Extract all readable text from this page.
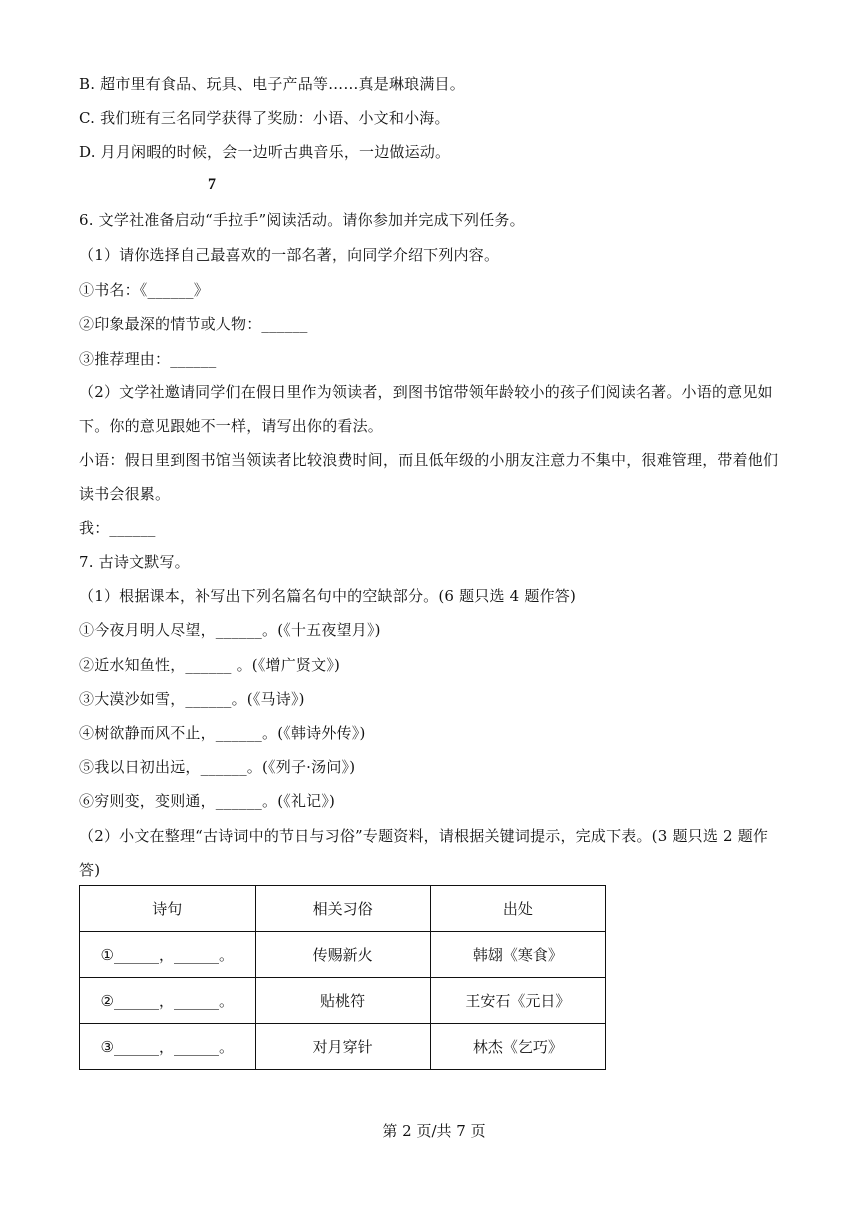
B. 超市里有食品、玩具、电子产品等……真是琳琅满目。
C. 我们班有三名同学获得了奖励：小语、小文和小海。
D. 月月闲暇的时候，会一边听古典音乐，一边做运动。
7
6. 文学社准备启动“手拉手”阅读活动。请你参加并完成下列任务。
（1）请你选择自己最喜欢的一部名著，向同学介绍下列内容。
①书名：《______》
②印象最深的情节或人物：______
③推荐理由：______
（2）文学社邀请同学们在假日里作为领读者，到图书馆带领年龄较小的孩子们阅读名著。小语的意见如
下。你的意见跟她不一样，请写出你的看法。
小语：假日里到图书馆当领读者比较浪费时间，而且低年级的小朋友注意力不集中，很难管理，带着他们
读书会很累。
我：______
7. 古诗文默写。
（1）根据课本，补写出下列名篇名句中的空缺部分。(6 题只选 4 题作答)
①今夜月明人尽望，______。(《十五夜望月》)
②近水知鱼性，______ 。(《增广贤文》)
③大漠沙如雪，______。(《马诗》)
④树欲静而风不止，______。(《韩诗外传》)
⑤我以日初出远，______。(《列子·汤问》)
⑥穷则变，变则通，______。(《礼记》)
（2）小文在整理“古诗词中的节日与习俗”专题资料，请根据关键词提示，完成下表。(3 题只选 2 题作
答)
诗句	相关习俗	出处
①______，______。	传赐新火	韩翃《寒食》
②______，______。	贴桃符	王安石《元日》
③______，______。	对月穿针	林杰《乞巧》
第 2 页/共 7 页
